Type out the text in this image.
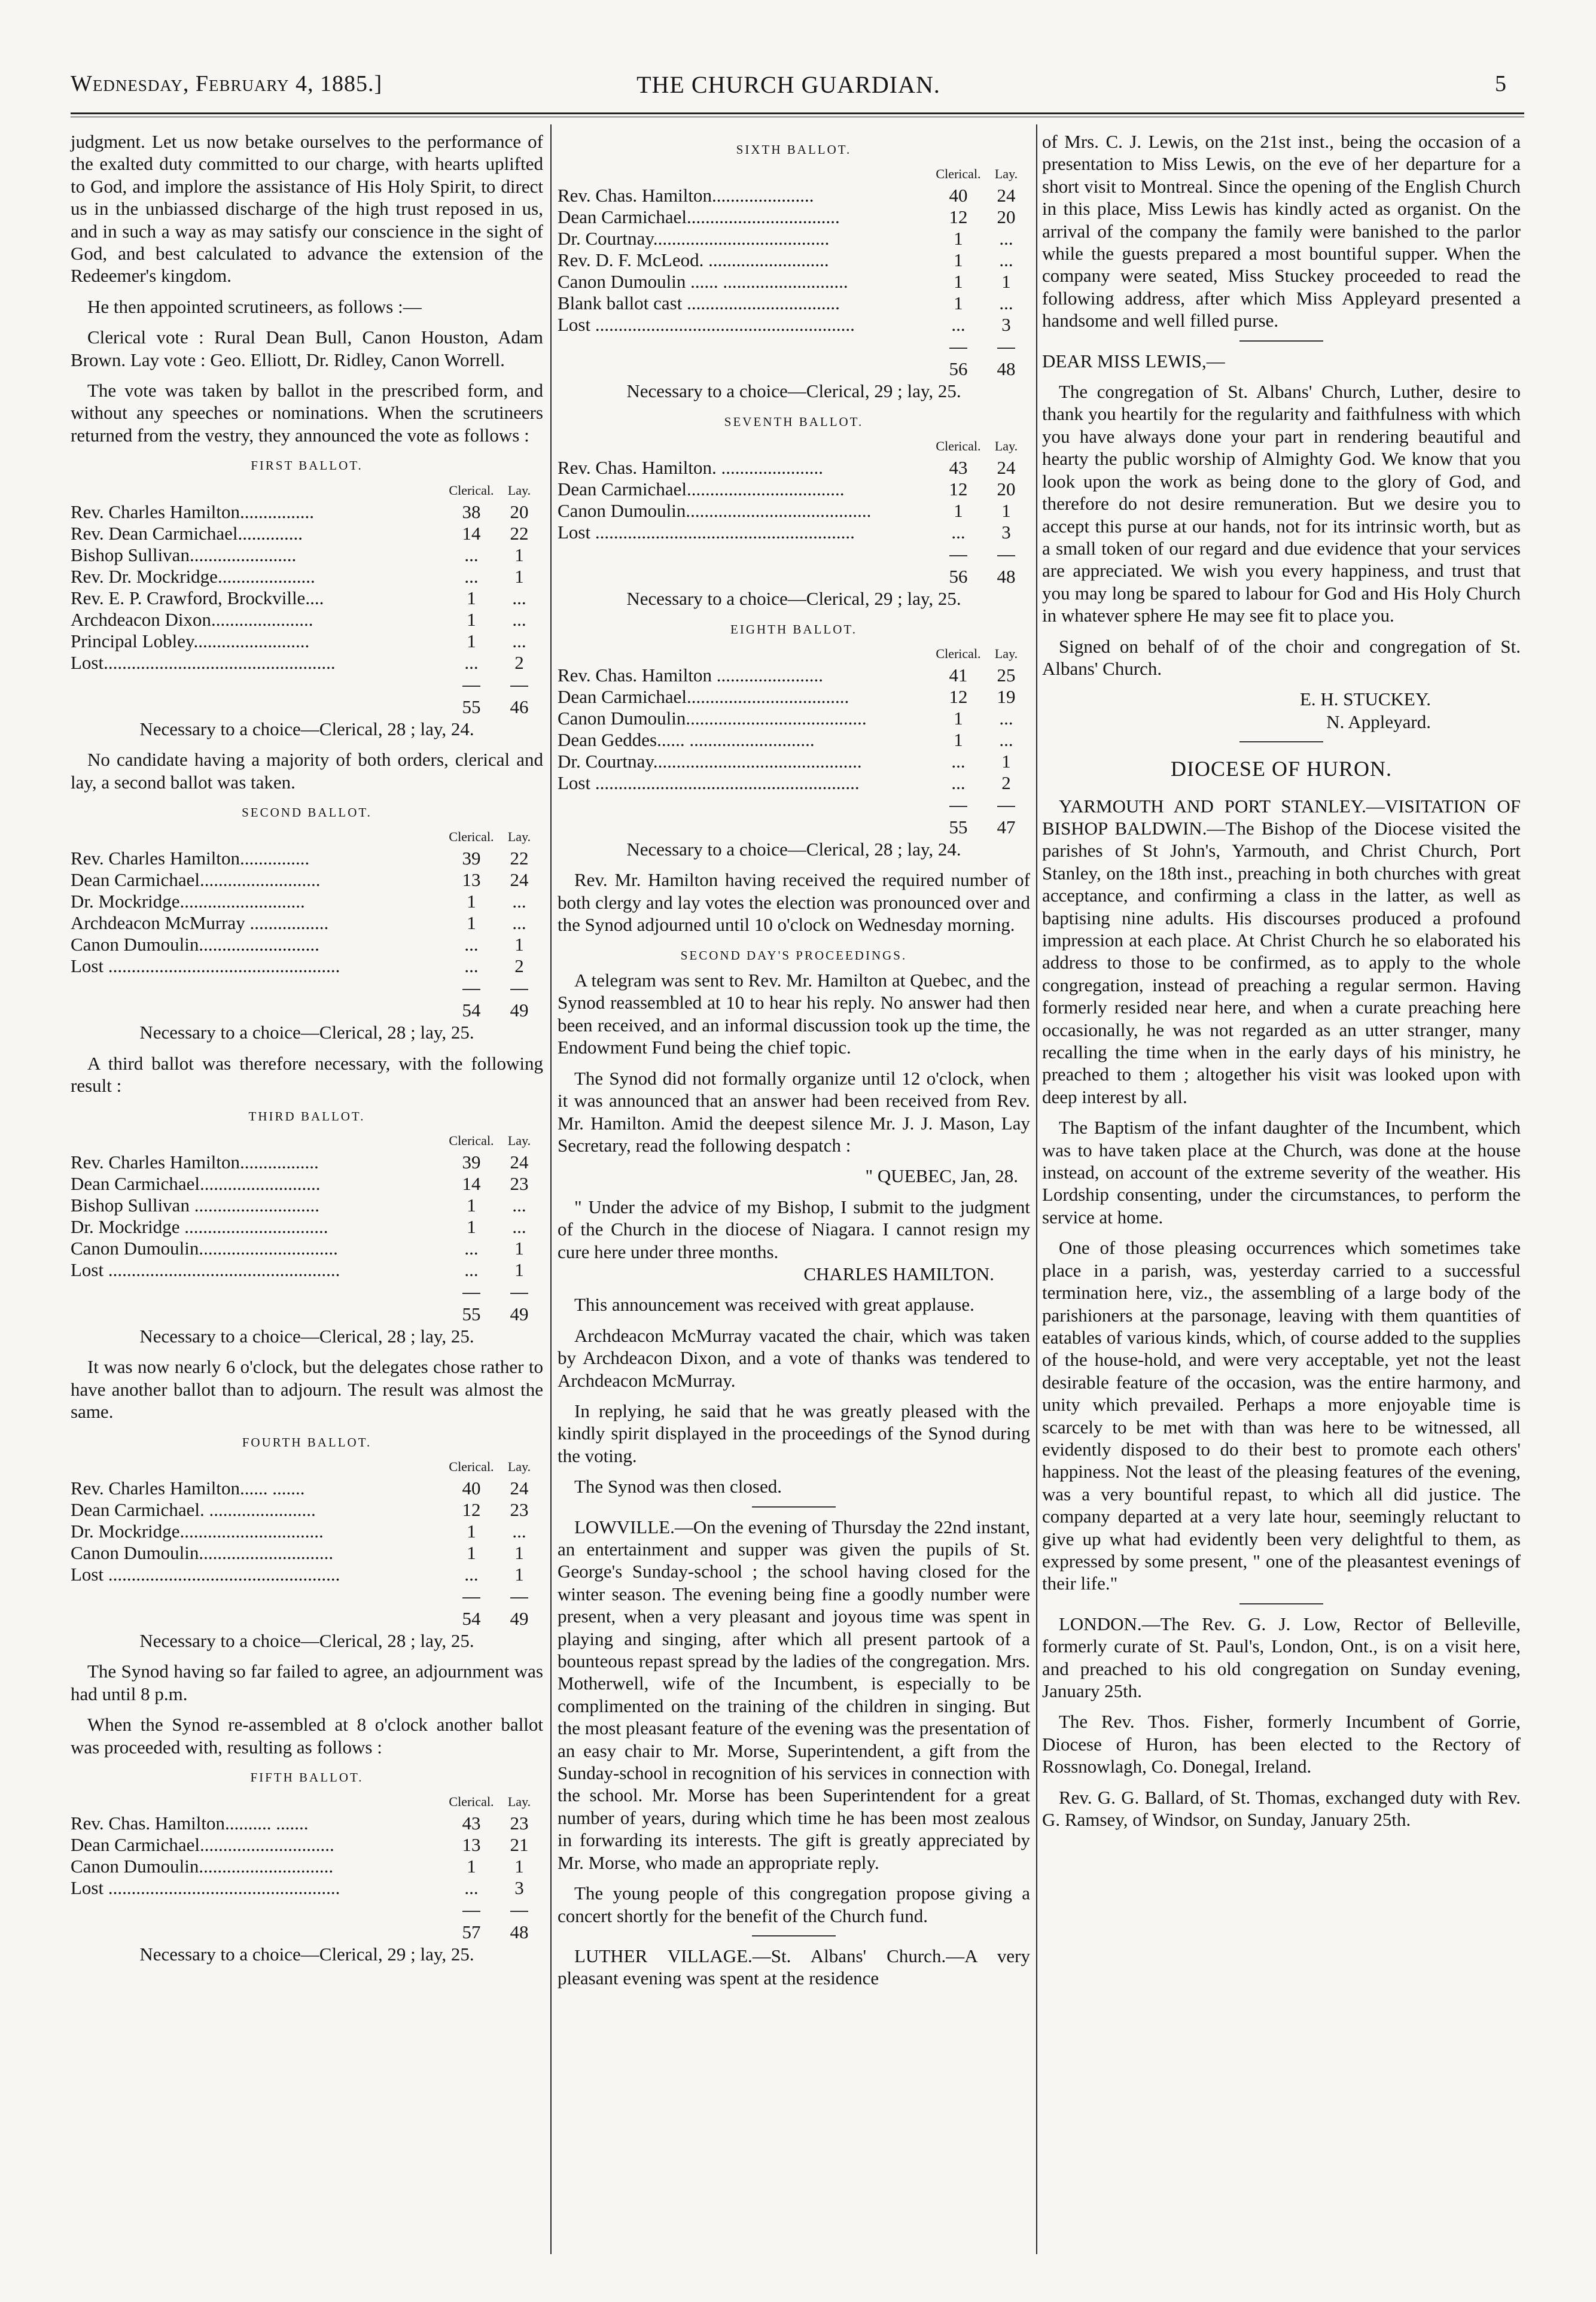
Wednesday, February 4, 1885.]	THE CHURCH GUARDIAN.	5

judgment. Let us now betake ourselves to the performance of the exalted duty committed to our charge, with hearts uplifted to God, and implore the assistance of His Holy Spirit, to direct us in the unbiassed discharge of the high trust reposed in us, and in such a way as may satisfy our conscience in the sight of God, and best calculated to advance the extension of the Redeemer's kingdom.

He then appointed scrutineers, as follows :—

Clerical vote : Rural Dean Bull, Canon Houston, Adam Brown. Lay vote : Geo. Elliott, Dr. Ridley, Canon Worrell.

The vote was taken by ballot in the prescribed form, and without any speeches or nominations. When the scrutineers returned from the vestry, they announced the vote as follows :

FIRST BALLOT.
	Clerical.	Lay.
Rev. Charles Hamilton................	38	20
Rev. Dean Carmichael..............	14	22
Bishop Sullivan.......................	...	1
Rev. Dr. Mockridge.....................	...	1
Rev. E. P. Crawford, Brockville....	1	...
Archdeacon Dixon......................	1	...
Principal Lobley.........................	1	...
Lost..................................................	...	2

	55	46

Necessary to a choice—Clerical, 28 ; lay, 24.

No candidate having a majority of both orders, clerical and lay, a second ballot was taken.

SECOND BALLOT.
	Clerical.	Lay.
Rev. Charles Hamilton...............	39	22
Dean Carmichael..........................	13	24
Dr. Mockridge...........................	1	...
Archdeacon McMurray .................	1	...
Canon Dumoulin..........................	...	1
Lost ..................................................	...	2

	54	49

Necessary to a choice—Clerical, 28 ; lay, 25.

A third ballot was therefore necessary, with the following result :

THIRD BALLOT.
	Clerical.	Lay.
Rev. Charles Hamilton.................	39	24
Dean Carmichael..........................	14	23
Bishop Sullivan ...........................	1	...
Dr. Mockridge ...............................	1	...
Canon Dumoulin..............................	...	1
Lost ..................................................	...	1

	55	49

Necessary to a choice—Clerical, 28 ; lay, 25.

It was now nearly 6 o'clock, but the delegates chose rather to have another ballot than to adjourn. The result was almost the same.

FOURTH BALLOT.
	Clerical.	Lay.
Rev. Charles Hamilton...... .......	40	24
Dean Carmichael. .......................	12	23
Dr. Mockridge...............................	1	...
Canon Dumoulin.............................	1	1
Lost ..................................................	...	1

	54	49

Necessary to a choice—Clerical, 28 ; lay, 25.

The Synod having so far failed to agree, an adjournment was had until 8 p.m.

When the Synod re-assembled at 8 o'clock another ballot was proceeded with, resulting as follows :

FIFTH BALLOT.
	Clerical.	Lay.
Rev. Chas. Hamilton.......... .......	43	23
Dean Carmichael.............................	13	21
Canon Dumoulin.............................	1	1
Lost ..................................................	...	3

	57	48

Necessary to a choice—Clerical, 29 ; lay, 25.

SIXTH BALLOT.
	Clerical.	Lay.
Rev. Chas. Hamilton......................	40	24
Dean Carmichael.................................	12	20
Dr. Courtnay......................................	1	...
Rev. D. F. McLeod. ..........................	1	...
Canon Dumoulin ...... ...........................	1	1
Blank ballot cast .................................	1	...
Lost ........................................................	...	3

	56	48

Necessary to a choice—Clerical, 29 ; lay, 25.

SEVENTH BALLOT.
	Clerical.	Lay.
Rev. Chas. Hamilton. ......................	43	24
Dean Carmichael..................................	12	20
Canon Dumoulin........................................	1	1
Lost ........................................................	...	3

	56	48

Necessary to a choice—Clerical, 29 ; lay, 25.

EIGHTH BALLOT.
	Clerical.	Lay.
Rev. Chas. Hamilton .......................	41	25
Dean Carmichael...................................	12	19
Canon Dumoulin.......................................	1	...
Dean Geddes...... ...........................	1	...
Dr. Courtnay.............................................	...	1
Lost .........................................................	...	2

	55	47

Necessary to a choice—Clerical, 28 ; lay, 24.

Rev. Mr. Hamilton having received the required number of both clergy and lay votes the election was pronounced over and the Synod adjourned until 10 o'clock on Wednesday morning.

SECOND DAY'S PROCEEDINGS.

A telegram was sent to Rev. Mr. Hamilton at Quebec, and the Synod reassembled at 10 to hear his reply. No answer had then been received, and an informal discussion took up the time, the Endowment Fund being the chief topic.

The Synod did not formally organize until 12 o'clock, when it was announced that an answer had been received from Rev. Mr. Hamilton. Amid the deepest silence Mr. J. J. Mason, Lay Secretary, read the following despatch :

" QUEBEC, Jan, 28.

" Under the advice of my Bishop, I submit to the judgment of the Church in the diocese of Niagara. I cannot resign my cure here under three months.

CHARLES HAMILTON.

This announcement was received with great applause.

Archdeacon McMurray vacated the chair, which was taken by Archdeacon Dixon, and a vote of thanks was tendered to Archdeacon McMurray.

In replying, he said that he was greatly pleased with the kindly spirit displayed in the proceedings of the Synod during the voting.

The Synod was then closed.

LOWVILLE.—On the evening of Thursday the 22nd instant, an entertainment and supper was given the pupils of St. George's Sunday-school ; the school having closed for the winter season. The evening being fine a goodly number were present, when a very pleasant and joyous time was spent in playing and singing, after which all present partook of a bounteous repast spread by the ladies of the congregation. Mrs. Motherwell, wife of the Incumbent, is especially to be complimented on the training of the children in singing. But the most pleasant feature of the evening was the presentation of an easy chair to Mr. Morse, Superintendent, a gift from the Sunday-school in recognition of his services in connection with the school. Mr. Morse has been Superintendent for a great number of years, during which time he has been most zealous in forwarding its interests. The gift is greatly appreciated by Mr. Morse, who made an appropriate reply.

The young people of this congregation propose giving a concert shortly for the benefit of the Church fund.

LUTHER VILLAGE.—St. Albans' Church.—A very pleasant evening was spent at the residence

of Mrs. C. J. Lewis, on the 21st inst., being the occasion of a presentation to Miss Lewis, on the eve of her departure for a short visit to Montreal. Since the opening of the English Church in this place, Miss Lewis has kindly acted as organist. On the arrival of the company the family were banished to the parlor while the guests prepared a most bountiful supper. When the company were seated, Miss Stuckey proceeded to read the following address, after which Miss Appleyard presented a handsome and well filled purse.

DEAR MISS LEWIS,—

The congregation of St. Albans' Church, Luther, desire to thank you heartily for the regularity and faithfulness with which you have always done your part in rendering beautiful and hearty the public worship of Almighty God. We know that you look upon the work as being done to the glory of God, and therefore do not desire remuneration. But we desire you to accept this purse at our hands, not for its intrinsic worth, but as a small token of our regard and due evidence that your services are appreciated. We wish you every happiness, and trust that you may long be spared to labour for God and His Holy Church in whatever sphere He may see fit to place you.

Signed on behalf of of the choir and congregation of St. Albans' Church.

E. H. STUCKEY.

N. Appleyard.

DIOCESE OF HURON.

YARMOUTH AND PORT STANLEY.—VISITATION OF BISHOP BALDWIN.—The Bishop of the Diocese visited the parishes of St John's, Yarmouth, and Christ Church, Port Stanley, on the 18th inst., preaching in both churches with great acceptance, and confirming a class in the latter, as well as baptising nine adults. His discourses produced a profound impression at each place. At Christ Church he so elaborated his address to those to be confirmed, as to apply to the whole congregation, instead of preaching a regular sermon. Having formerly resided near here, and when a curate preaching here occasionally, he was not regarded as an utter stranger, many recalling the time when in the early days of his ministry, he preached to them ; altogether his visit was looked upon with deep interest by all.

The Baptism of the infant daughter of the Incumbent, which was to have taken place at the Church, was done at the house instead, on account of the extreme severity of the weather. His Lordship consenting, under the circumstances, to perform the service at home.

One of those pleasing occurrences which sometimes take place in a parish, was, yesterday carried to a successful termination here, viz., the assembling of a large body of the parishioners at the parsonage, leaving with them quantities of eatables of various kinds, which, of course added to the supplies of the house-hold, and were very acceptable, yet not the least desirable feature of the occasion, was the entire harmony, and unity which prevailed. Perhaps a more enjoyable time is scarcely to be met with than was here to be witnessed, all evidently disposed to do their best to promote each others' happiness. Not the least of the pleasing features of the evening, was a very bountiful repast, to which all did justice. The company departed at a very late hour, seemingly reluctant to give up what had evidently been very delightful to them, as expressed by some present, " one of the pleasantest evenings of their life."

LONDON.—The Rev. G. J. Low, Rector of Belleville, formerly curate of St. Paul's, London, Ont., is on a visit here, and preached to his old congregation on Sunday evening, January 25th.

The Rev. Thos. Fisher, formerly Incumbent of Gorrie, Diocese of Huron, has been elected to the Rectory of Rossnowlagh, Co. Donegal, Ireland.

Rev. G. G. Ballard, of St. Thomas, exchanged duty with Rev. G. Ramsey, of Windsor, on Sunday, January 25th.
